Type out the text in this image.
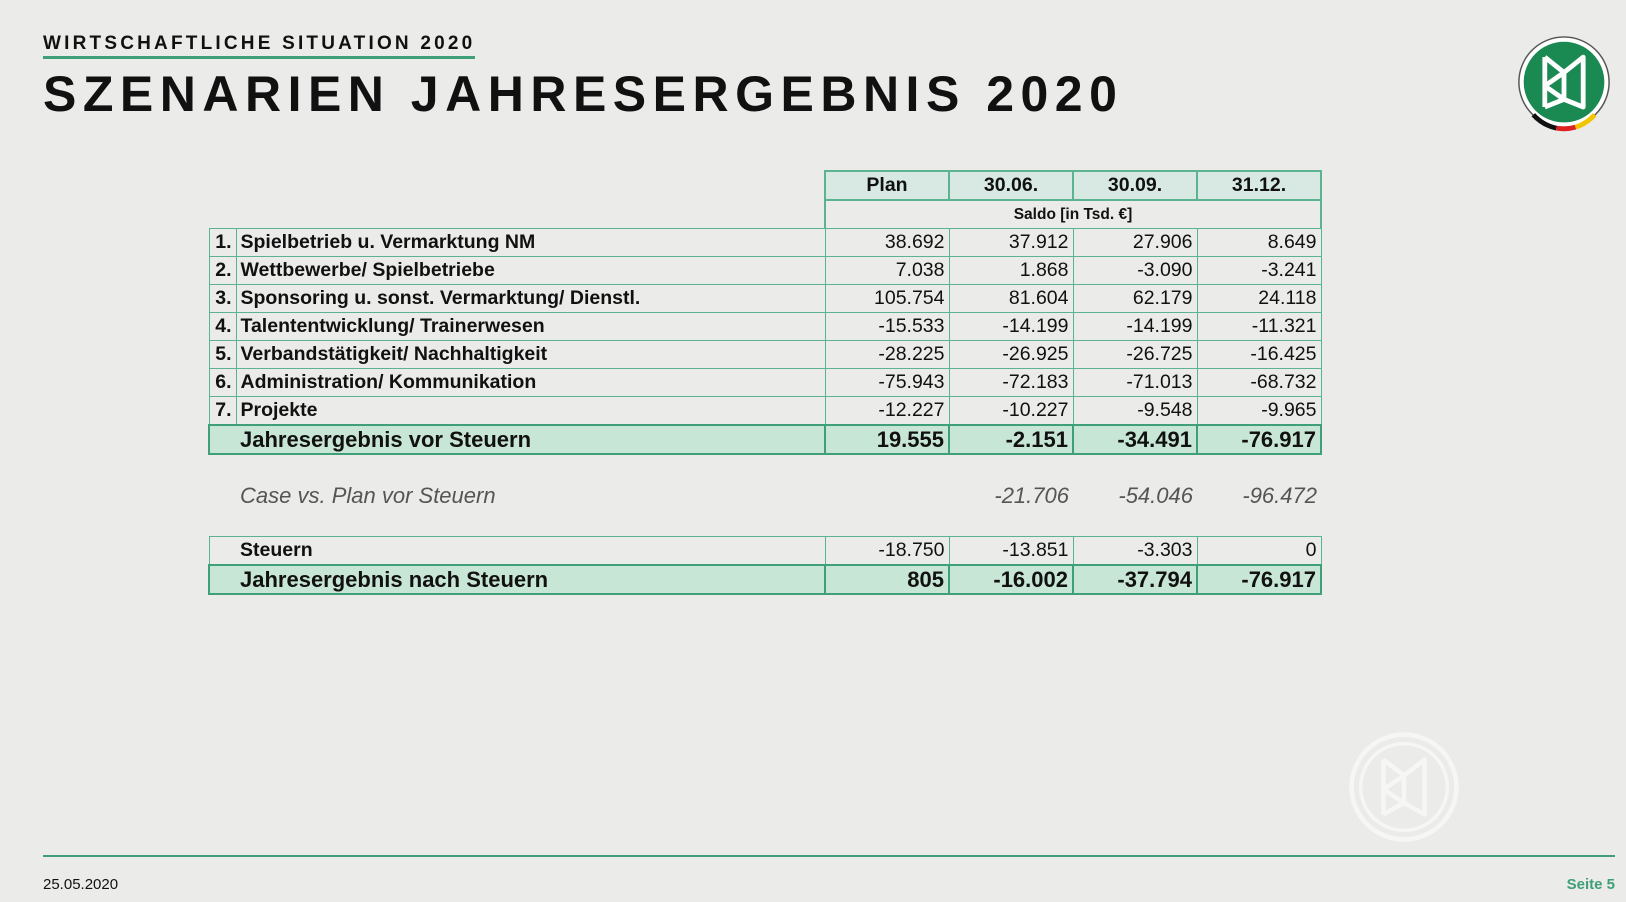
WIRTSCHAFTLICHE SITUATION 2020
SZENARIEN JAHRESERGEBNIS 2020
		Plan	30.06.	30.09.	31.12.
		Saldo [in Tsd. €]			
1.	Spielbetrieb u. Vermarktung NM	38.692	37.912	27.906	8.649
2.	Wettbewerbe/ Spielbetriebe	7.038	1.868	-3.090	-3.241
3.	Sponsoring u. sonst. Vermarktung/ Dienstl.	105.754	81.604	62.179	24.118
4.	Talententwicklung/ Trainerwesen	-15.533	-14.199	-14.199	-11.321
5.	Verbandstätigkeit/ Nachhaltigkeit	-28.225	-26.925	-26.725	-16.425
6.	Administration/ Kommunikation	-75.943	-72.183	-71.013	-68.732
7.	Projekte	-12.227	-10.227	-9.548	-9.965
	Jahresergebnis vor Steuern	19.555	-2.151	-34.491	-76.917

	Case vs. Plan vor Steuern		-21.706	-54.046	-96.472

	Steuern	-18.750	-13.851	-3.303	0
	Jahresergebnis nach Steuern	805	-16.002	-37.794	-76.917
25.05.2020	Seite 5
